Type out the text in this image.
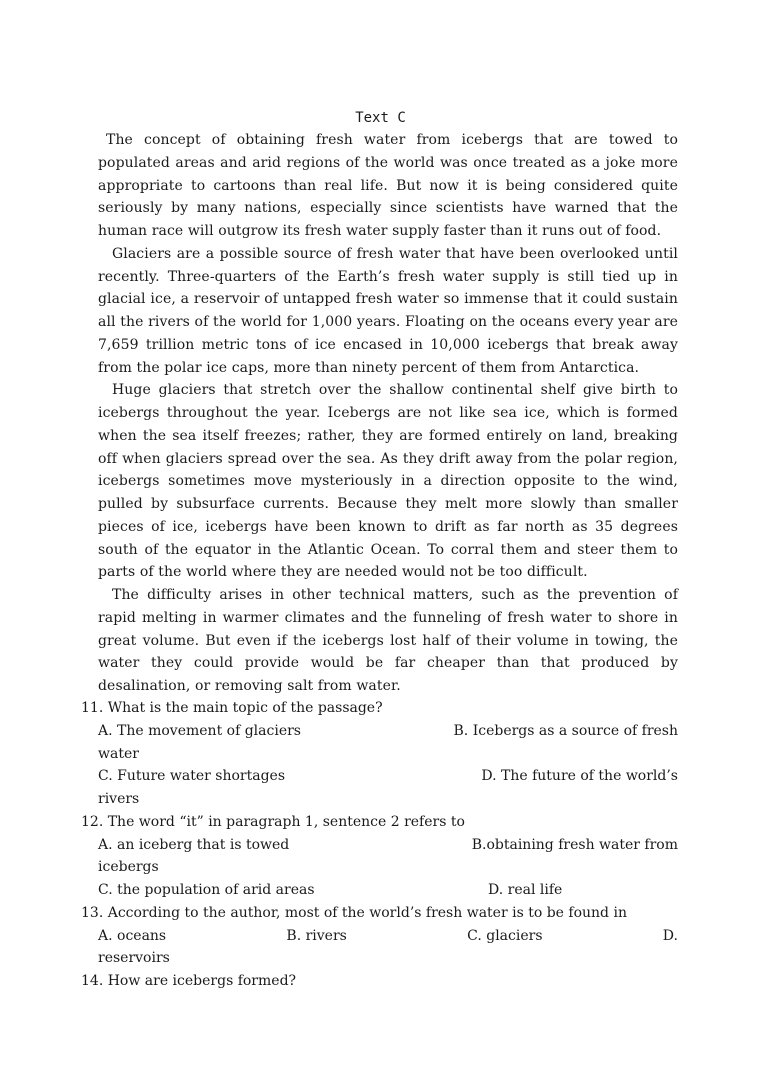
Text C

The concept of obtaining fresh water from icebergs that are towed to populated areas and arid regions of the world was once treated as a joke more appropriate to cartoons than real life. But now it is being considered quite seriously by many nations, especially since scientists have warned that the human race will outgrow its fresh water supply faster than it runs out of food.

Glaciers are a possible source of fresh water that have been overlooked until recently. Three-quarters of the Earth’s fresh water supply is still tied up in glacial ice, a reservoir of untapped fresh water so immense that it could sustain all the rivers of the world for 1,000 years. Floating on the oceans every year are 7,659 trillion metric tons of ice encased in 10,000 icebergs that break away from the polar ice caps, more than ninety percent of them from Antarctica.

Huge glaciers that stretch over the shallow continental shelf give birth to icebergs throughout the year. Icebergs are not like sea ice, which is formed when the sea itself freezes; rather, they are formed entirely on land, breaking off when glaciers spread over the sea. As they drift away from the polar region, icebergs sometimes move mysteriously in a direction opposite to the wind, pulled by subsurface currents. Because they melt more slowly than smaller pieces of ice, icebergs have been known to drift as far north as 35 degrees south of the equator in the Atlantic Ocean. To corral them and steer them to parts of the world where they are needed would not be too difficult.

The difficulty arises in other technical matters, such as the prevention of rapid melting in warmer climates and the funneling of fresh water to shore in great volume. But even if the icebergs lost half of their volume in towing, the water they could provide would be far cheaper than that produced by desalination, or removing salt from water.

11. What is the main topic of the passage?

A. The movement of glaciers	B. Icebergs as a source of fresh

water

C. Future water shortages	D. The future of the world’s

rivers

12. The word “it” in paragraph 1, sentence 2 refers to

A. an iceberg that is towed	B.obtaining fresh water from

icebergs

C. the population of arid areas	D. real life

13. According to the author, most of the world’s fresh water is to be found in

A. oceans	B. rivers	C. glaciers	D.

reservoirs

14. How are icebergs formed?
